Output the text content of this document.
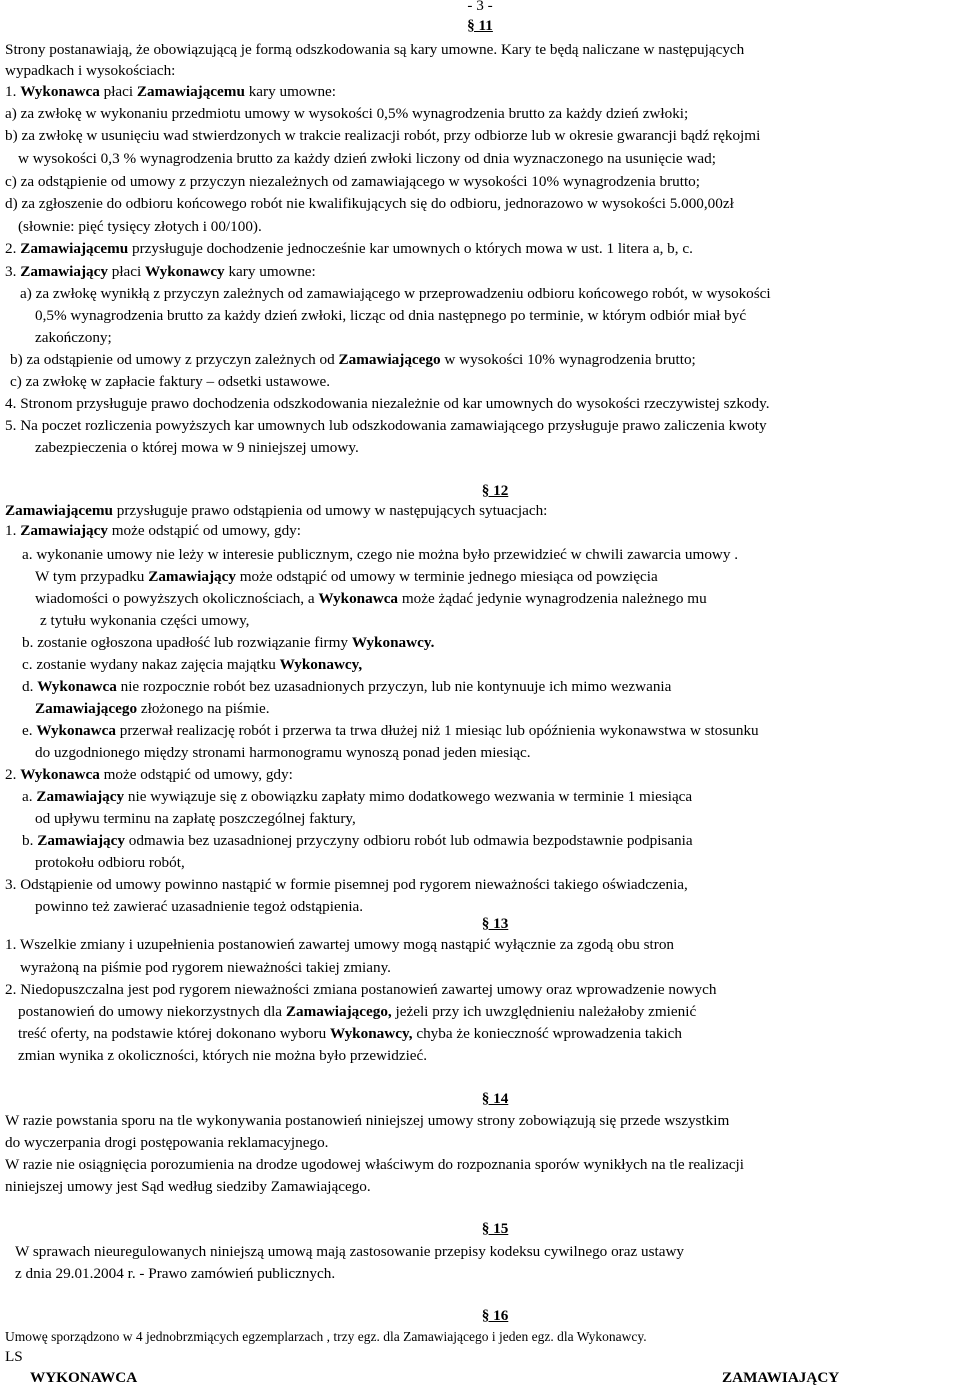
- 3 -
§ 11
Strony postanawiają, że obowiązującą je formą odszkodowania są kary umowne. Kary te będą naliczane w następujących
wypadkach i wysokościach:
1. Wykonawca płaci Zamawiającemu kary umowne:
a) za zwłokę w wykonaniu przedmiotu umowy w wysokości 0,5% wynagrodzenia brutto za każdy dzień zwłoki;
b) za zwłokę w usunięciu wad stwierdzonych w trakcie realizacji robót, przy odbiorze lub w okresie gwarancji bądź rękojmi
w wysokości 0,3 % wynagrodzenia brutto za każdy dzień zwłoki liczony od dnia wyznaczonego na usunięcie wad;
c) za odstąpienie od umowy z przyczyn niezależnych od zamawiającego w wysokości 10% wynagrodzenia brutto;
d) za zgłoszenie do odbioru końcowego robót nie kwalifikujących się do odbioru, jednorazowo w wysokości 5.000,00zł
(słownie: pięć tysięcy złotych i 00/100).
2. Zamawiającemu przysługuje dochodzenie jednocześnie kar umownych o których mowa w ust. 1 litera a, b, c.
3. Zamawiający płaci Wykonawcy kary umowne:
a) za zwłokę wynikłą z przyczyn zależnych od zamawiającego w przeprowadzeniu odbioru końcowego robót, w wysokości
0,5% wynagrodzenia brutto za każdy dzień zwłoki, licząc od dnia następnego po terminie, w którym odbiór miał być
zakończony;
b) za odstąpienie od umowy z przyczyn zależnych od Zamawiającego w wysokości 10% wynagrodzenia brutto;
c) za zwłokę w zapłacie faktury – odsetki ustawowe.
4. Stronom przysługuje prawo dochodzenia odszkodowania niezależnie od kar umownych do wysokości rzeczywistej szkody.
5. Na poczet rozliczenia powyższych kar umownych lub odszkodowania zamawiającego przysługuje prawo zaliczenia kwoty
zabezpieczenia o której mowa w 9 niniejszej umowy.
§ 12
Zamawiającemu przysługuje prawo odstąpienia od umowy w następujących sytuacjach:
1. Zamawiający może odstąpić od umowy, gdy:
a. wykonanie umowy nie leży w interesie publicznym, czego nie można było przewidzieć w chwili zawarcia umowy .
W tym przypadku Zamawiający może odstąpić od umowy w terminie jednego miesiąca od powzięcia
wiadomości o powyższych okolicznościach, a Wykonawca może żądać jedynie wynagrodzenia należnego mu
z tytułu wykonania części umowy,
b. zostanie ogłoszona upadłość lub rozwiązanie firmy Wykonawcy.
c. zostanie wydany nakaz zajęcia majątku Wykonawcy,
d. Wykonawca nie rozpocznie robót bez uzasadnionych przyczyn, lub nie kontynuuje ich mimo wezwania
Zamawiającego złożonego na piśmie.
e. Wykonawca przerwał realizację robót i przerwa ta trwa dłużej niż 1 miesiąc lub opóźnienia wykonawstwa w stosunku
do uzgodnionego między stronami harmonogramu wynoszą ponad jeden miesiąc.
2. Wykonawca może odstąpić od umowy, gdy:
a. Zamawiający nie wywiązuje się z obowiązku zapłaty mimo dodatkowego wezwania w terminie 1 miesiąca
od upływu terminu na zapłatę poszczególnej faktury,
b. Zamawiający odmawia bez uzasadnionej przyczyny odbioru robót lub odmawia bezpodstawnie podpisania
protokołu odbioru robót,
3. Odstąpienie od umowy powinno nastąpić w formie pisemnej pod rygorem nieważności takiego oświadczenia,
powinno też zawierać uzasadnienie tegoż odstąpienia.
§ 13
1. Wszelkie zmiany i uzupełnienia postanowień zawartej umowy mogą nastąpić wyłącznie za zgodą obu stron
wyrażoną na piśmie pod rygorem nieważności takiej zmiany.
2. Niedopuszczalna jest pod rygorem nieważności zmiana postanowień zawartej umowy oraz wprowadzenie nowych
postanowień do umowy niekorzystnych dla Zamawiającego, jeżeli przy ich uwzględnieniu należałoby zmienić
treść oferty, na podstawie której dokonano wyboru Wykonawcy, chyba że konieczność wprowadzenia takich
zmian wynika z okoliczności, których nie można było przewidzieć.
§ 14
W razie powstania sporu na tle wykonywania postanowień niniejszej umowy strony zobowiązują się przede wszystkim
do wyczerpania drogi postępowania reklamacyjnego.
W razie nie osiągnięcia porozumienia na drodze ugodowej właściwym do rozpoznania sporów wynikłych na tle realizacji
niniejszej umowy jest Sąd według siedziby Zamawiającego.
§ 15
W sprawach nieuregulowanych niniejszą umową mają zastosowanie przepisy kodeksu cywilnego oraz ustawy
z dnia 29.01.2004 r. - Prawo zamówień publicznych.
§ 16
Umowę sporządzono w 4 jednobrzmiących egzemplarzach , trzy egz. dla Zamawiającego i jeden egz. dla Wykonawcy.
LS
WYKONAWCA	ZAMAWIAJĄCY
